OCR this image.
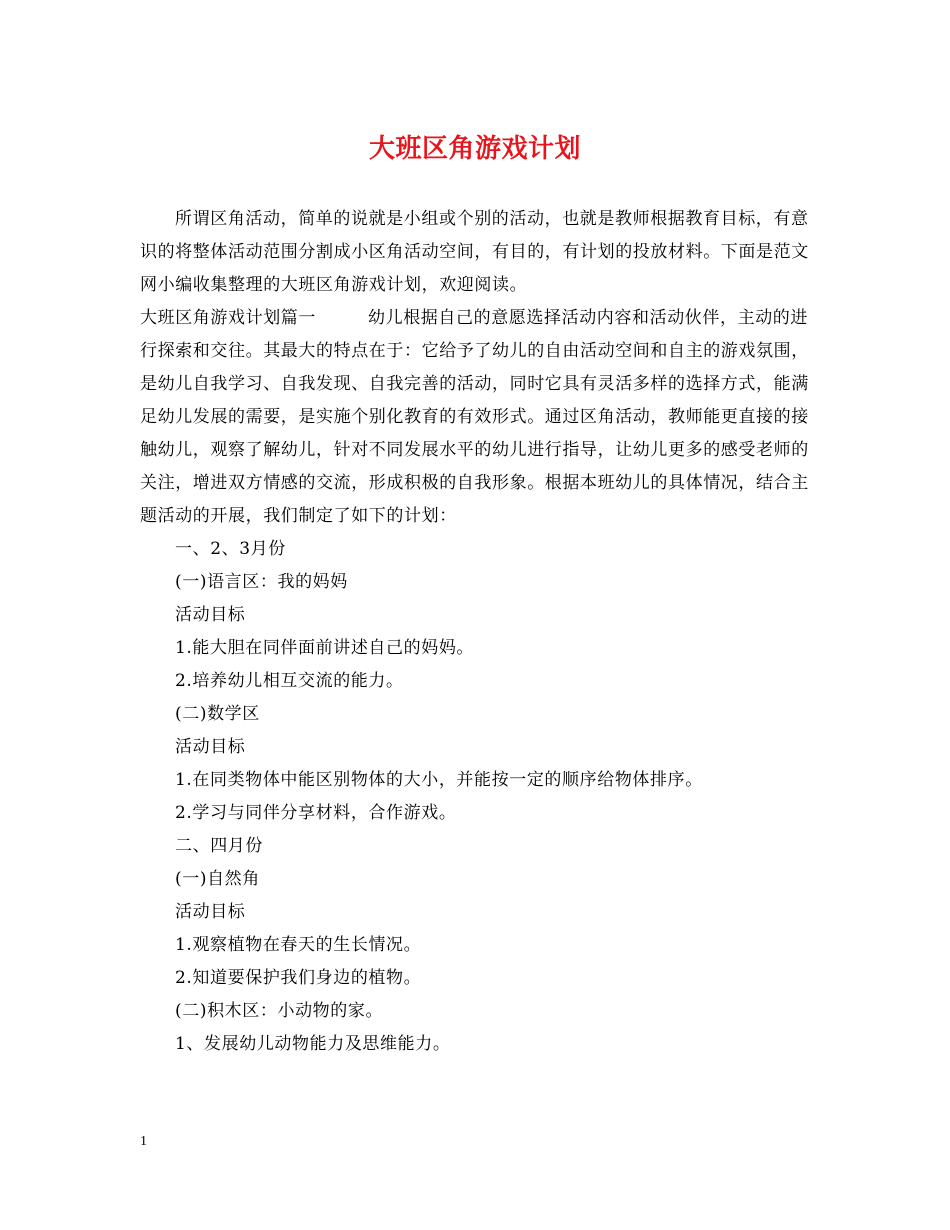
大班区角游戏计划

所谓区角活动，简单的说就是小组或个别的活动，也就是教师根据教育目标，有意识的将整体活动范围分割成小区角活动空间，有目的，有计划的投放材料。下面是范文网小编收集整理的大班区角游戏计划，欢迎阅读。

大班区角游戏计划篇一	幼儿根据自己的意愿选择活动内容和活动伙伴，主动的进行探索和交往。其最大的特点在于：它给予了幼儿的自由活动空间和自主的游戏氛围，是幼儿自我学习、自我发现、自我完善的活动，同时它具有灵活多样的选择方式，能满足幼儿发展的需要，是实施个别化教育的有效形式。通过区角活动，教师能更直接的接触幼儿，观察了解幼儿，针对不同发展水平的幼儿进行指导，让幼儿更多的感受老师的关注，增进双方情感的交流，形成积极的自我形象。根据本班幼儿的具体情况，结合主题活动的开展，我们制定了如下的计划：

一、2、3月份

(一)语言区：我的妈妈

活动目标

1.能大胆在同伴面前讲述自己的妈妈。

2.培养幼儿相互交流的能力。

(二)数学区

活动目标

1.在同类物体中能区别物体的大小，并能按一定的顺序给物体排序。

2.学习与同伴分享材料，合作游戏。

二、四月份

(一)自然角

活动目标

1.观察植物在春天的生长情况。

2.知道要保护我们身边的植物。

(二)积木区：小动物的家。

1、发展幼儿动物能力及思维能力。

1
